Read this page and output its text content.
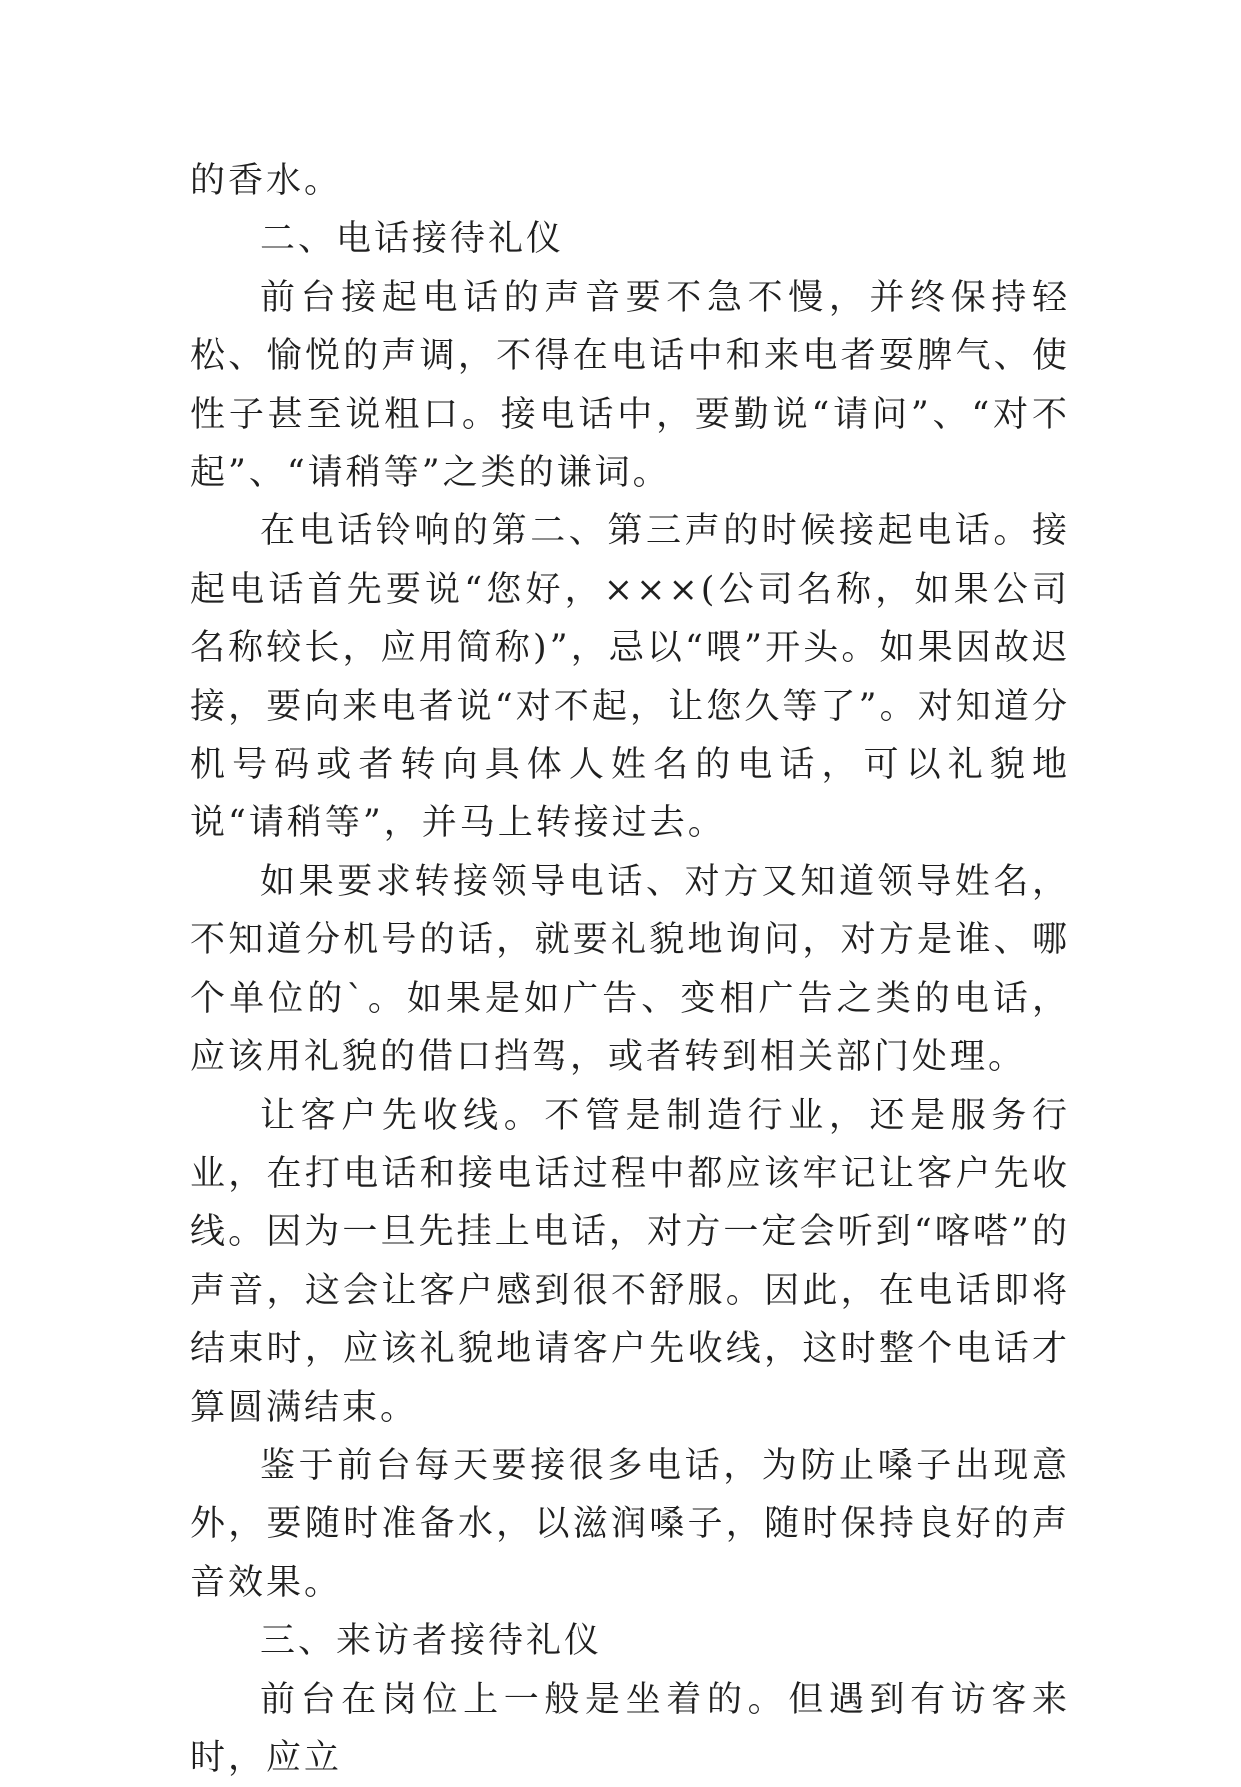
的香水。

二、电话接待礼仪

前台接起电话的声音要不急不慢，并终保持轻松、愉悦的声调，不得在电话中和来电者耍脾气、使性子甚至说粗口。接电话中，要勤说“请问”、“对不起”、“请稍等”之类的谦词。

在电话铃响的第二、第三声的时候接起电话。接起电话首先要说“您好，×××(公司名称，如果公司名称较长，应用简称)”，忌以“喂”开头。如果因故迟接，要向来电者说“对不起，让您久等了”。对知道分机号码或者转向具体人姓名的电话，可以礼貌地说“请稍等”，并马上转接过去。

如果要求转接领导电话、对方又知道领导姓名，不知道分机号的话，就要礼貌地询问，对方是谁、哪个单位的`。如果是如广告、变相广告之类的电话，应该用礼貌的借口挡驾，或者转到相关部门处理。

让客户先收线。不管是制造行业，还是服务行业，在打电话和接电话过程中都应该牢记让客户先收线。因为一旦先挂上电话，对方一定会听到“喀嗒”的声音，这会让客户感到很不舒服。因此，在电话即将结束时，应该礼貌地请客户先收线，这时整个电话才算圆满结束。

鉴于前台每天要接很多电话，为防止嗓子出现意外，要随时准备水，以滋润嗓子，随时保持良好的声音效果。

三、来访者接待礼仪

前台在岗位上一般是坐着的。但遇到有访客来时，应立
